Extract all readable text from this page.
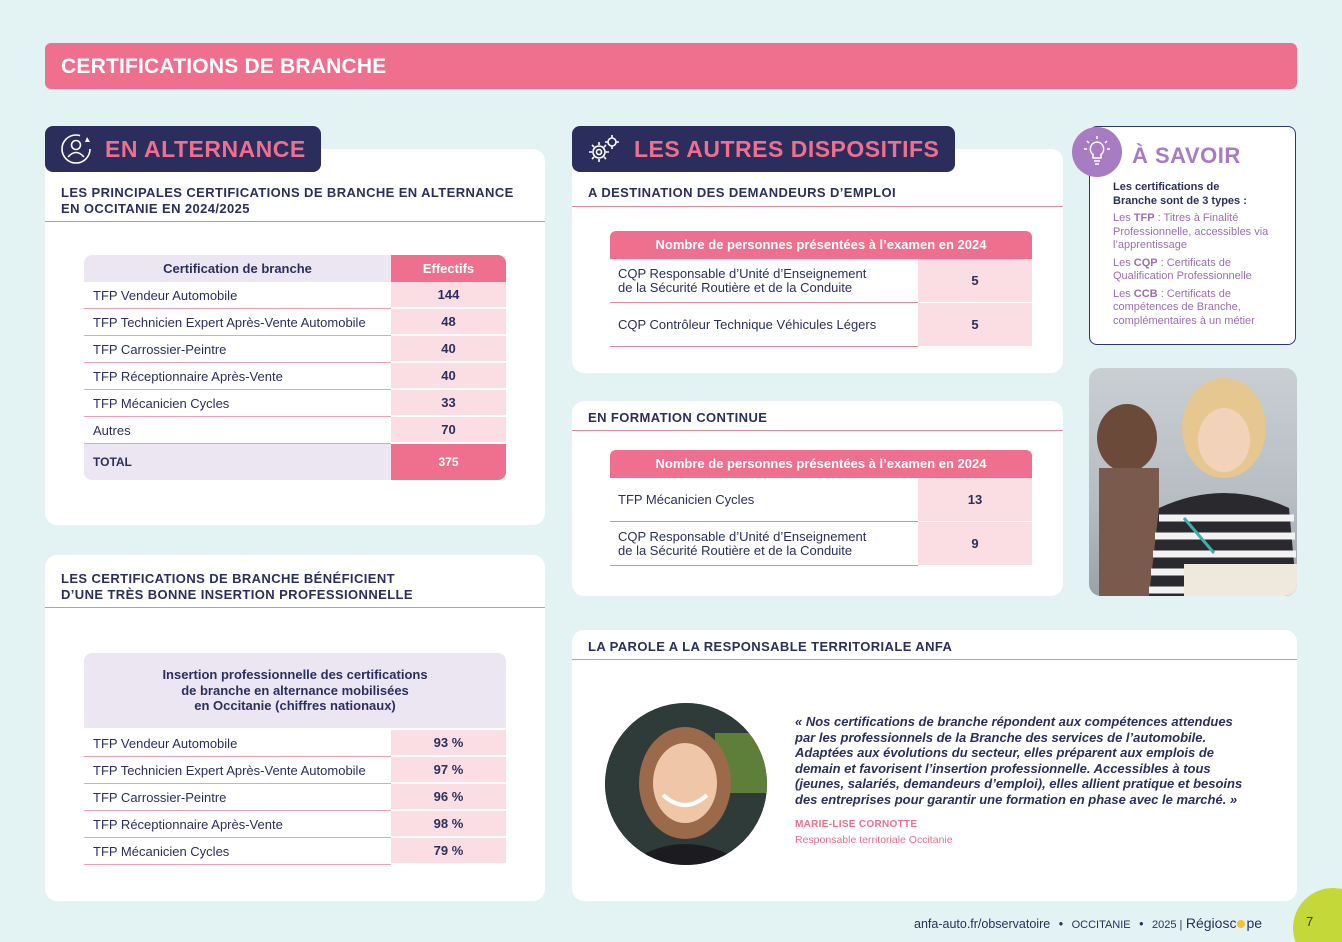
CERTIFICATIONS DE BRANCHE
LES PRINCIPALES CERTIFICATIONS DE BRANCHE EN ALTERNANCE
EN OCCITANIE EN 2024/2025
Certification de branche	Effectifs
TFP Vendeur Automobile	144
TFP Technicien Expert Après-Vente Automobile	48
TFP Carrossier-Peintre	40
TFP Réceptionnaire Après-Vente	40
TFP Mécanicien Cycles	33
Autres	70
TOTAL	375
EN ALTERNANCE
LES CERTIFICATIONS DE BRANCHE BÉNÉFICIENT
D’UNE TRÈS BONNE INSERTION PROFESSIONNELLE
Insertion professionnelle des certifications
de branche en alternance mobilisées
en Occitanie (chiffres nationaux)
TFP Vendeur Automobile	93 %
TFP Technicien Expert Après-Vente Automobile	97 %
TFP Carrossier-Peintre	96 %
TFP Réceptionnaire Après-Vente	98 %
TFP Mécanicien Cycles	79 %
A DESTINATION DES DEMANDEURS D’EMPLOI
Nombre de personnes présentées à l’examen en 2024
CQP Responsable d’Unité d’Enseignement
de la Sécurité Routière et de la Conduite	5
CQP Contrôleur Technique Véhicules Légers	5
LES AUTRES DISPOSITIFS
EN FORMATION CONTINUE
Nombre de personnes présentées à l’examen en 2024
TFP Mécanicien Cycles	13
CQP Responsable d’Unité d’Enseignement
de la Sécurité Routière et de la Conduite	9
À SAVOIR

Les certifications de
Branche sont de 3 types :

Les TFP : Titres à Finalité Professionnelle, accessibles via l’apprentissage

Les CQP : Certificats de Qualification Professionnelle

Les CCB : Certificats de compétences de Branche, complémentaires à un métier

LA PAROLE A LA RESPONSABLE TERRITORIALE ANFA
« Nos certifications de branche répondent aux compétences attendues
par les professionnels de la Branche des services de l’automobile.
Adaptées aux évolutions du secteur, elles préparent aux emplois de
demain et favorisent l’insertion professionnelle. Accessibles à tous
(jeunes, salariés, demandeurs d’emploi), elles allient pratique et besoins
des entreprises pour garantir une formation en phase avec le marché. »
MARIE-LISE CORNOTTE
Responsable territoriale Occitanie
anfa-auto.fr/observatoire • OCCITANIE • 2025 | Régiosc pe	7
